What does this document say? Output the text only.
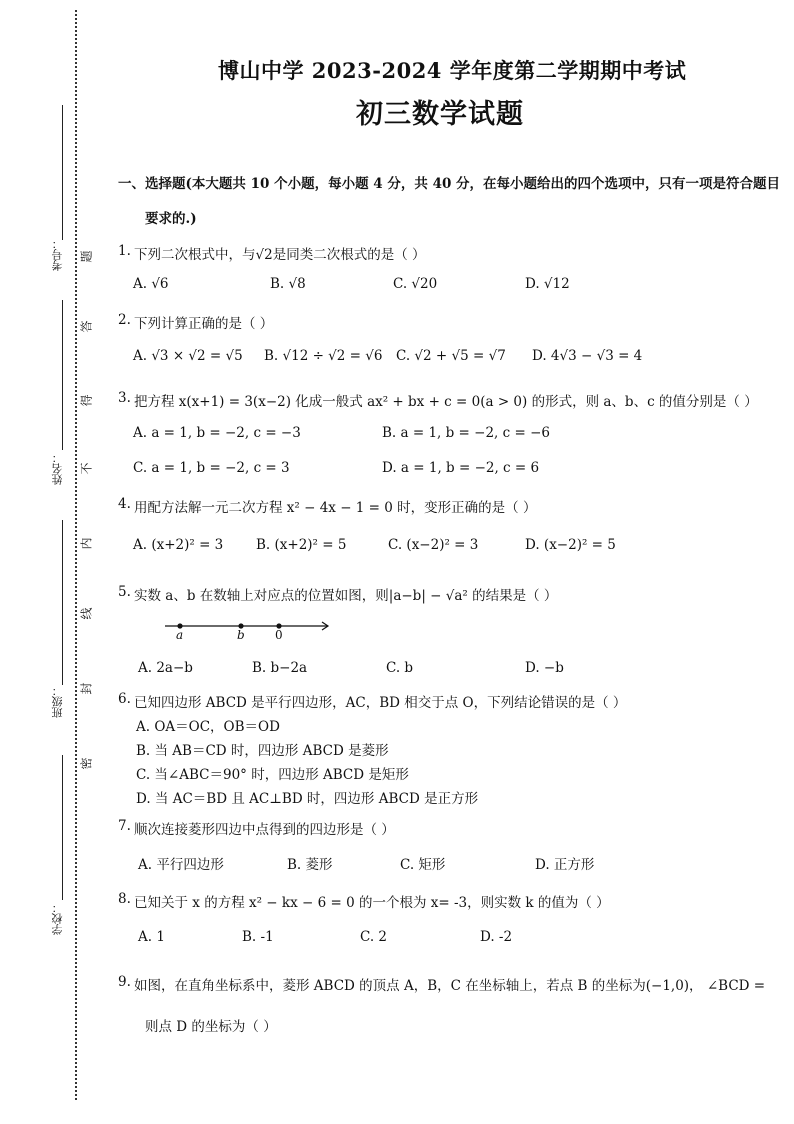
考号：
姓名：
班级：
学校：
题
答
得
不
内
线
封
密
博山中学 2023-2024 学年度第二学期期中考试
初三数学试题
一、选择题(本大题共 10 个小题，每小题 4 分，共 40 分，在每小题给出的四个选项中，只有一项是符合题目
要求的.)
1. 下列二次根式中，与√2是同类二次根式的是（ ）
A. √6	B. √8	C. √20	D. √12
2. 下列计算正确的是（ ）
A. √3 × √2 = √5 B. √12 ÷ √2 = √6 C. √2 + √5 = √7 D. 4√3 − √3 = 4
3. 把方程 x(x+1) = 3(x−2) 化成一般式 ax² + bx + c = 0(a > 0) 的形式，则 a、b、c 的值分别是（ ）
A. a = 1, b = −2, c = −3	B. a = 1, b = −2, c = −6
C. a = 1, b = −2, c = 3	D. a = 1, b = −2, c = 6
4. 用配方法解一元二次方程 x² − 4x − 1 = 0 时，变形正确的是（ ）
A. (x+2)² = 3 B. (x+2)² = 5	C. (x−2)² = 3	D. (x−2)² = 5
5. 实数 a、b 在数轴上对应点的位置如图，则|a−b| − √a² 的结果是（ ）
a	b	0
A. 2a−b	B. b−2a	C. b	D. −b
6. 已知四边形 ABCD 是平行四边形，AC，BD 相交于点 O，下列结论错误的是（ ）
A. OA＝OC，OB＝OD
B. 当 AB＝CD 时，四边形 ABCD 是菱形
C. 当∠ABC＝90° 时，四边形 ABCD 是矩形
D. 当 AC＝BD 且 AC⊥BD 时，四边形 ABCD 是正方形
7. 顺次连接菱形四边中点得到的四边形是（ ）
A. 平行四边形	B. 菱形	C. 矩形	D. 正方形
8. 已知关于 x 的方程 x² − kx − 6 = 0 的一个根为 x= -3，则实数 k 的值为（ ）
A. 1	B. -1	C. 2	D. -2
9. 如图，在直角坐标系中，菱形 ABCD 的顶点 A，B，C 在坐标轴上，若点 B 的坐标为(−1,0)， ∠BCD =
则点 D 的坐标为（ ）
